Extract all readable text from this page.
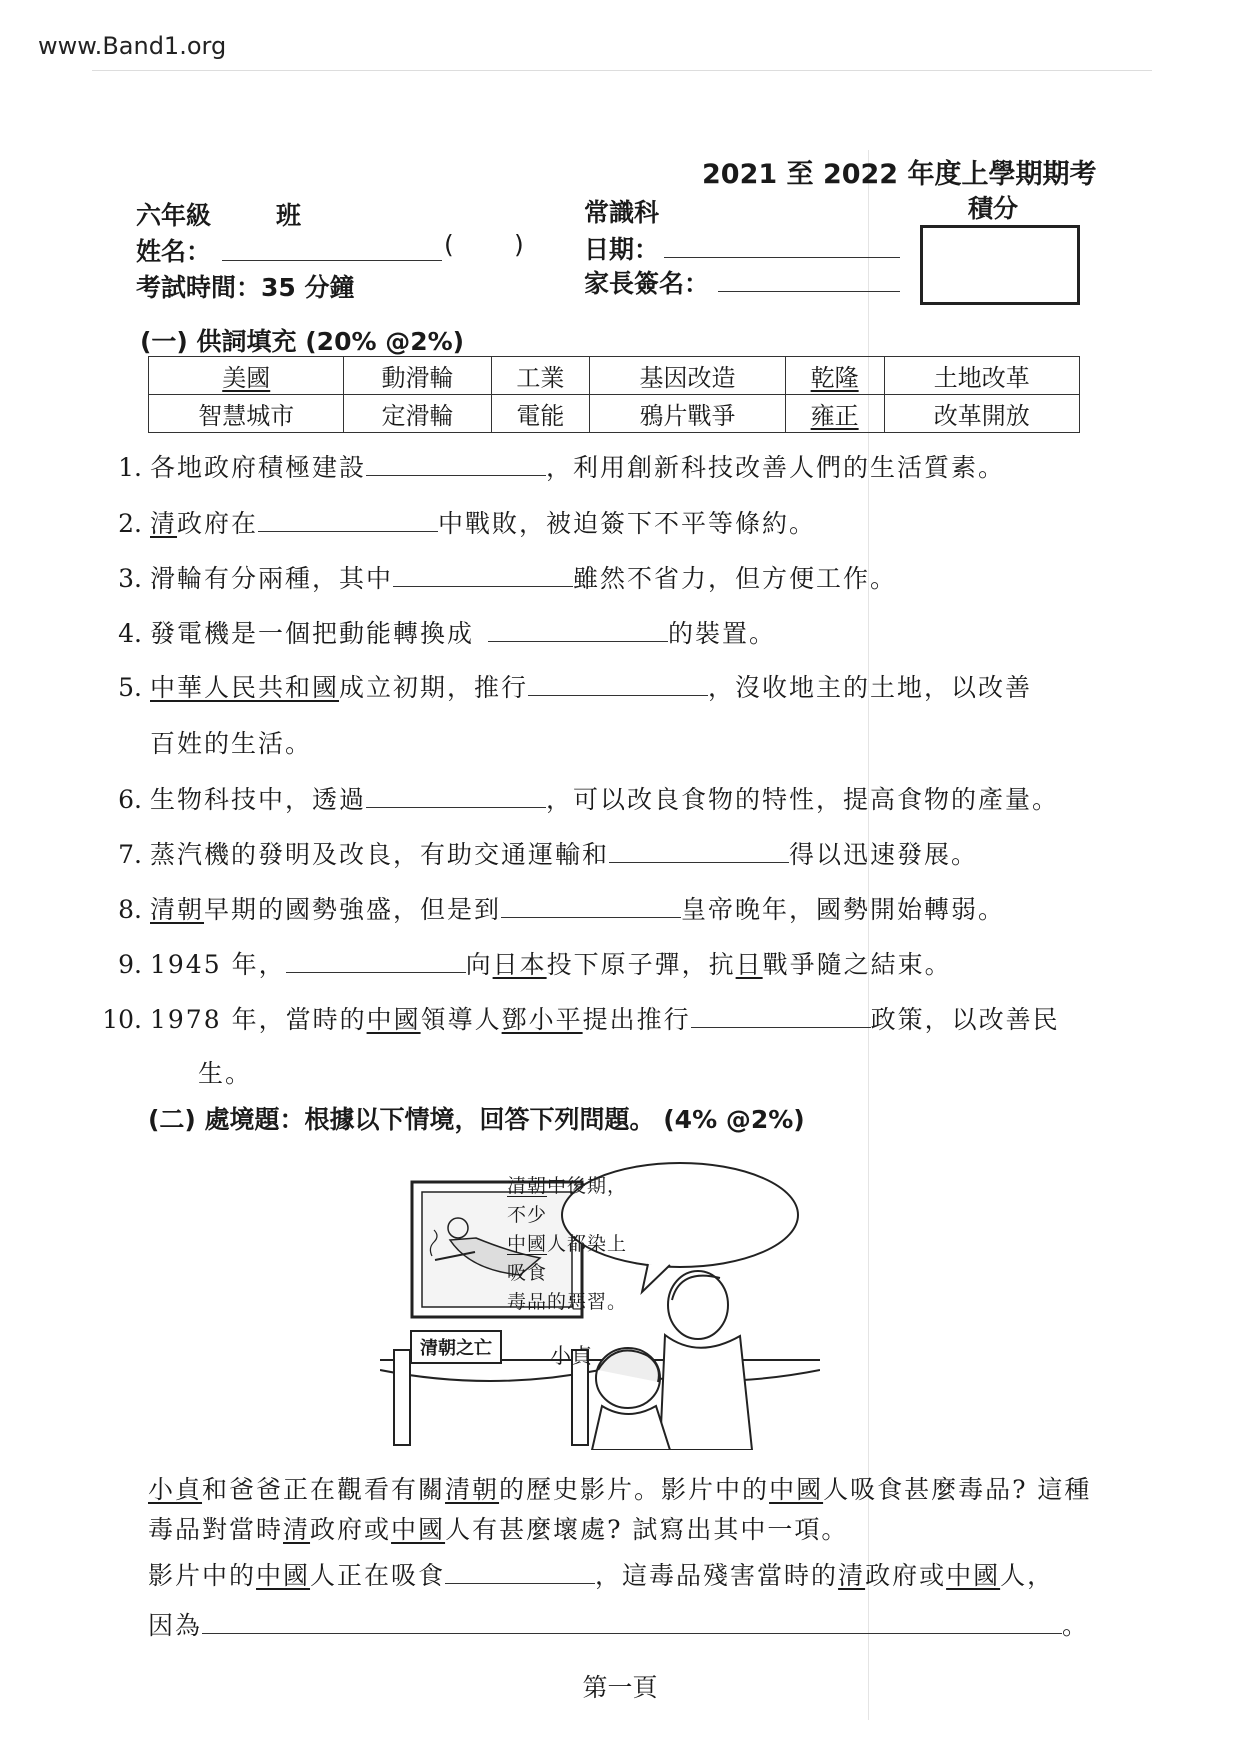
www.Band1.org
2021 至 2022 年度上學期期考
六年級	班	常識科	積分
姓名：	( ) 日期：
考試時間：35 分鐘	家長簽名：
(一) 供詞填充 (20% @2%)
美國	動滑輪	工業	基因改造	乾隆	土地改革
智慧城市	定滑輪	電能	鴉片戰爭	雍正	改革開放
1. 各地政府積極建設	，利用創新科技改善人們的生活質素。
2. 清政府在	中戰敗，被迫簽下不平等條約。
3. 滑輪有分兩種，其中	雖然不省力，但方便工作。
4. 發電機是一個把動能轉換成	的裝置。
5. 中華人民共和國成立初期，推行	，沒收地主的土地，以改善
百姓的生活。
6. 生物科技中，透過	，可以改良食物的特性，提高食物的產量。
7. 蒸汽機的發明及改良，有助交通運輸和	得以迅速發展。
8. 清朝早期的國勢強盛，但是到	皇帝晚年，國勢開始轉弱。
9. 1945 年，	向日本投下原子彈，抗日戰爭隨之結束。
10. 1978 年，當時的中國領導人鄧小平提出推行	政策，以改善民
生。
(二) 處境題：根據以下情境，回答下列問題。 (4% @2%)
清朝中後期，不少
中國人都染上吸食
毒品的惡習。
清朝之亡	小貞
小貞和爸爸正在觀看有關清朝的歷史影片。影片中的中國人吸食甚麼毒品? 這種
毒品對當時清政府或中國人有甚麼壞處? 試寫出其中一項。
影片中的中國人正在吸食	，這毒品殘害當時的清政府或中國人，
因為	。
第一頁
